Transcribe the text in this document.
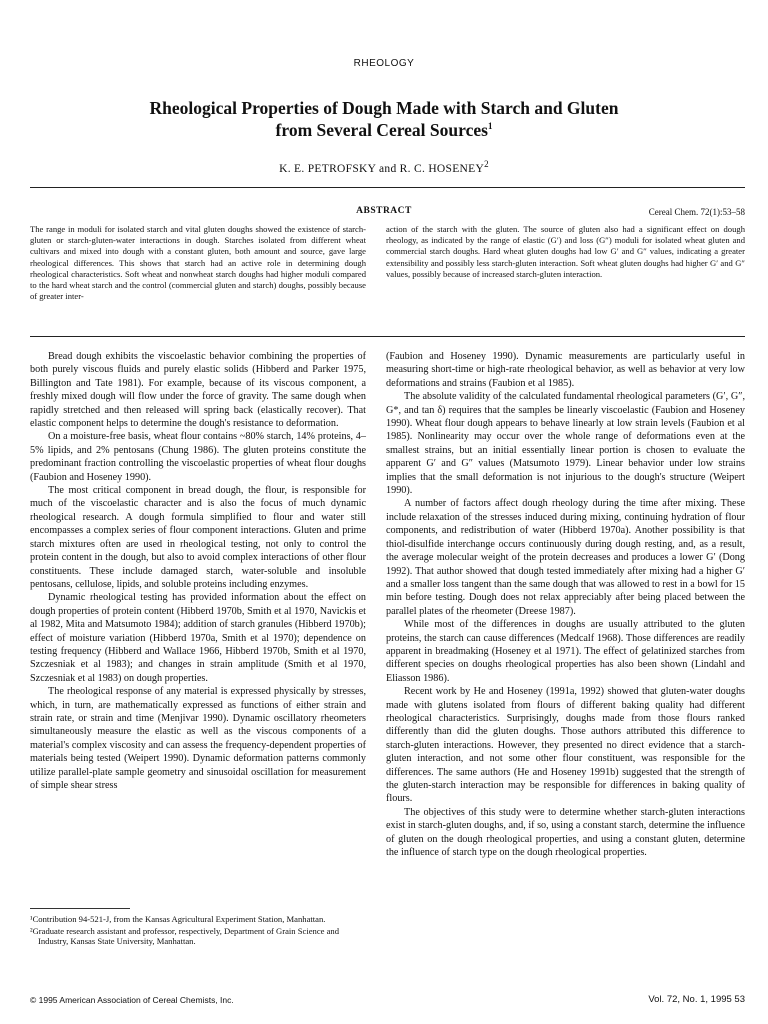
RHEOLOGY
Rheological Properties of Dough Made with Starch and Gluten
from Several Cereal Sources$^1$
K. E. PETROFSKY and R. C. HOSENEY$^2$
ABSTRACT	Cereal Chem. 72(1):53–58

The range in moduli for isolated starch and vital gluten doughs showed the existence of starch-gluten or starch-gluten-water interactions in dough. Starches isolated from different wheat cultivars and mixed into dough with a constant gluten, both amount and source, gave large rheological differences. This shows that starch had an active role in determining dough rheological characteristics. Soft wheat and nonwheat starch doughs had higher moduli compared to the hard wheat starch and the control (commercial gluten and starch) doughs, possibly because of greater inter-

action of the starch with the gluten. The source of gluten also had a significant effect on dough rheology, as indicated by the range of elastic (G′) and loss (G″) moduli for isolated wheat gluten and commercial starch doughs. Hard wheat gluten doughs had low G′ and G″ values, indicating a greater extensibility and possibly less starch-gluten interaction. Soft wheat gluten doughs had higher G′ and G″ values, possibly because of increased starch-gluten interaction.

Bread dough exhibits the viscoelastic behavior combining the properties of both purely viscous fluids and purely elastic solids (Hibberd and Parker 1975, Billington and Tate 1981). For example, because of its viscous component, a freshly mixed dough will flow under the force of gravity. The same dough when rapidly stretched and then released will spring back (elastically recover). That elastic component helps to determine the dough's resistance to deformation.

On a moisture-free basis, wheat flour contains ~80% starch, 14% proteins, 4–5% lipids, and 2% pentosans (Chung 1986). The gluten proteins constitute the predominant fraction controlling the viscoelastic properties of wheat flour doughs (Faubion and Hoseney 1990).

The most critical component in bread dough, the flour, is responsible for much of the viscoelastic character and is also the focus of much dynamic rheological research. A dough formula simplified to flour and water still encompasses a complex series of flour component interactions. Gluten and prime starch mixtures often are used in rheological testing, not only to control the protein content in the dough, but also to avoid complex interactions of other flour constituents. These include damaged starch, water-soluble and insoluble pentosans, cellulose, lipids, and soluble proteins including enzymes.

Dynamic rheological testing has provided information about the effect on dough properties of protein content (Hibberd 1970b, Smith et al 1970, Navickis et al 1982, Mita and Matsumoto 1984); addition of starch granules (Hibberd 1970b); effect of moisture variation (Hibberd 1970a, Smith et al 1970); dependence on testing frequency (Hibberd and Wallace 1966, Hibberd 1970b, Smith et al 1970, Szczesniak et al 1983); and changes in strain amplitude (Smith et al 1970, Szczesniak et al 1983) on dough properties.

The rheological response of any material is expressed physically by stresses, which, in turn, are mathematically expressed as functions of either strain and strain rate, or strain and time (Menjivar 1990). Dynamic oscillatory rheometers simultaneously measure the elastic as well as the viscous components of a material's complex viscosity and can assess the frequency-dependent properties of materials being tested (Weipert 1990). Dynamic deformation patterns commonly utilize parallel-plate sample geometry and sinusoidal oscillation for measurement of simple shear stress

(Faubion and Hoseney 1990). Dynamic measurements are particularly useful in measuring short-time or high-rate rheological behavior, as well as behavior at very low deformations and strains (Faubion et al 1985).

The absolute validity of the calculated fundamental rheological parameters (G′, G″, G*, and tan δ) requires that the samples be linearly viscoelastic (Faubion and Hoseney 1990). Wheat flour dough appears to behave linearly at low strain levels (Faubion et al 1985). Nonlinearity may occur over the whole range of deformations even at the smallest strains, but an initial essentially linear portion is chosen to evaluate the apparent G′ and G″ values (Matsumoto 1979). Linear behavior under low strains implies that the small deformation is not injurious to the dough's structure (Weipert 1990).

A number of factors affect dough rheology during the time after mixing. These include relaxation of the stresses induced during mixing, continuing hydration of flour components, and redistribution of water (Hibberd 1970a). Another possibility is that thiol-disulfide interchange occurs continuously during dough resting, and, as a result, the average molecular weight of the protein decreases and produces a lower G′ (Dong 1992). That author showed that dough tested immediately after mixing had a higher G′ and a smaller loss tangent than the same dough that was allowed to rest in a bowl for 15 min before testing. Dough does not relax appreciably after being placed between the parallel plates of the rheometer (Dreese 1987).

While most of the differences in doughs are usually attributed to the gluten proteins, the starch can cause differences (Medcalf 1968). Those differences are readily apparent in breadmaking (Hoseney et al 1971). The effect of gelatinized starches from different species on doughs rheological properties has also been shown (Lindahl and Eliasson 1986).

Recent work by He and Hoseney (1991a, 1992) showed that gluten-water doughs made with glutens isolated from flours of different baking quality had different rheological characteristics. Surprisingly, doughs made from those flours ranked differently than did the gluten doughs. Those authors attributed this difference to starch-gluten interactions. However, they presented no direct evidence that a starch-gluten interaction, and not some other flour constituent, was responsible for the differences. The same authors (He and Hoseney 1991b) suggested that the strength of the gluten-starch interaction may be responsible for differences in baking quality of flours.

The objectives of this study were to determine whether starch-gluten interactions exist in starch-gluten doughs, and, if so, using a constant starch, determine the influence of gluten on the dough rheological properties, and using a constant gluten, determine the influence of starch type on the dough rheological properties.

¹Contribution 94-521-J, from the Kansas Agricultural Experiment Station, Manhattan.

²Graduate research assistant and professor, respectively, Department of Grain Science and Industry, Kansas State University, Manhattan.

© 1995 American Association of Cereal Chemists, Inc.	Vol. 72, No. 1, 1995 53
